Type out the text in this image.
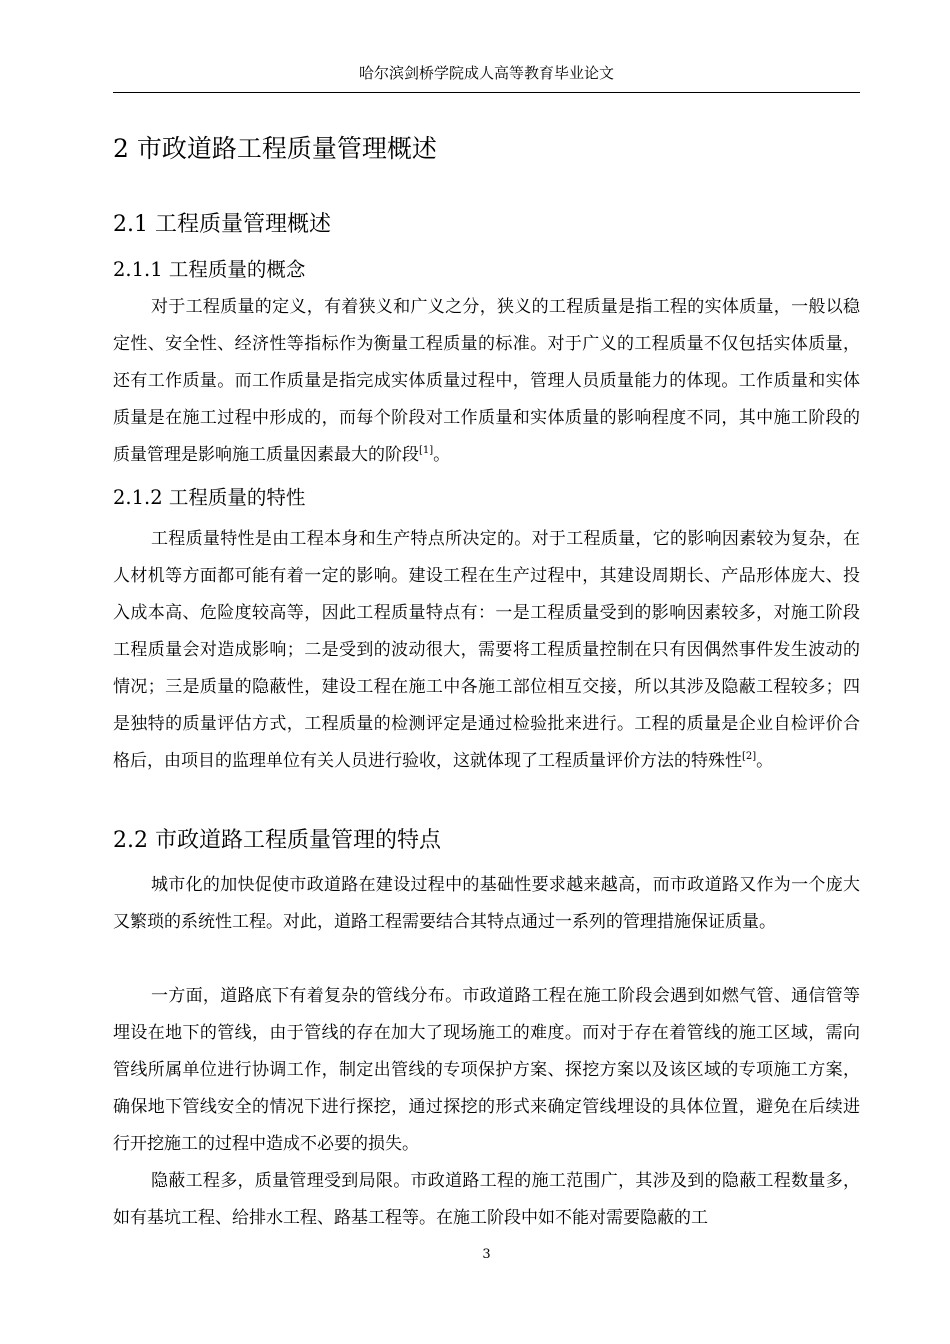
哈尔滨剑桥学院成人高等教育毕业论文
2 市政道路工程质量管理概述
2.1 工程质量管理概述
2.1.1 工程质量的概念
对于工程质量的定义，有着狭义和广义之分，狭义的工程质量是指工程的实体质量，一般以稳定性、安全性、经济性等指标作为衡量工程质量的标准。对于广义的工程质量不仅包括实体质量，还有工作质量。而工作质量是指完成实体质量过程中，管理人员质量能力的体现。工作质量和实体质量是在施工过程中形成的，而每个阶段对工作质量和实体质量的影响程度不同，其中施工阶段的质量管理是影响施工质量因素最大的阶段[1]。
2.1.2 工程质量的特性
工程质量特性是由工程本身和生产特点所决定的。对于工程质量，它的影响因素较为复杂，在人材机等方面都可能有着一定的影响。建设工程在生产过程中，其建设周期长、产品形体庞大、投入成本高、危险度较高等，因此工程质量特点有：一是工程质量受到的影响因素较多，对施工阶段工程质量会对造成影响；二是受到的波动很大，需要将工程质量控制在只有因偶然事件发生波动的情况；三是质量的隐蔽性，建设工程在施工中各施工部位相互交接，所以其涉及隐蔽工程较多；四是独特的质量评估方式，工程质量的检测评定是通过检验批来进行。工程的质量是企业自检评价合格后，由项目的监理单位有关人员进行验收，这就体现了工程质量评价方法的特殊性[2]。
2.2 市政道路工程质量管理的特点
城市化的加快促使市政道路在建设过程中的基础性要求越来越高，而市政道路又作为一个庞大又繁琐的系统性工程。对此，道路工程需要结合其特点通过一系列的管理措施保证质量。
一方面，道路底下有着复杂的管线分布。市政道路工程在施工阶段会遇到如燃气管、通信管等埋设在地下的管线，由于管线的存在加大了现场施工的难度。而对于存在着管线的施工区域，需向管线所属单位进行协调工作，制定出管线的专项保护方案、探挖方案以及该区域的专项施工方案，确保地下管线安全的情况下进行探挖，通过探挖的形式来确定管线埋设的具体位置，避免在后续进行开挖施工的过程中造成不必要的损失。
隐蔽工程多，质量管理受到局限。市政道路工程的施工范围广，其涉及到的隐蔽工程数量多，如有基坑工程、给排水工程、路基工程等。在施工阶段中如不能对需要隐蔽的工
3
